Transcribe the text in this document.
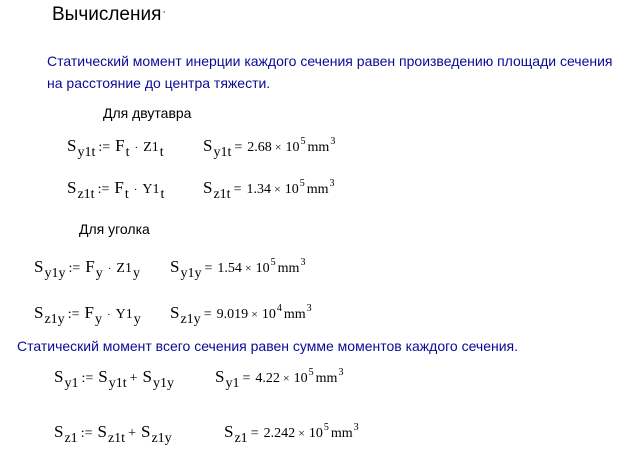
Вычисления·
Статический момент инерции каждого сечения равен произведению площади сечения
на расстояние до центра тяжести.
Для двутавра
Sy1t := Ft · Z1t $Sy1t = 2.68 \times 10^5$ $mm^3$
Sz1t := Ft · Y1t $Sz1t = 1.34 \times 10^5$ $mm^3$
Для уголка
Sy1y := Fy · Z1y $Sy1y = 1.54 \times 10^5$ $mm^3$
Sz1y := Fy · Y1y $Sz1y = 9.019 \times 10^4$ $mm^3$
Статический момент всего сечения равен сумме моментов каждого сечения.
Sy1 := Sy1t + Sy1y $Sy1 = 4.22 \times 10^5$ $mm^3$
Sz1 := Sz1t + Sz1y	$Sz1 = 2.242 \times 10^5$ $mm^3$
